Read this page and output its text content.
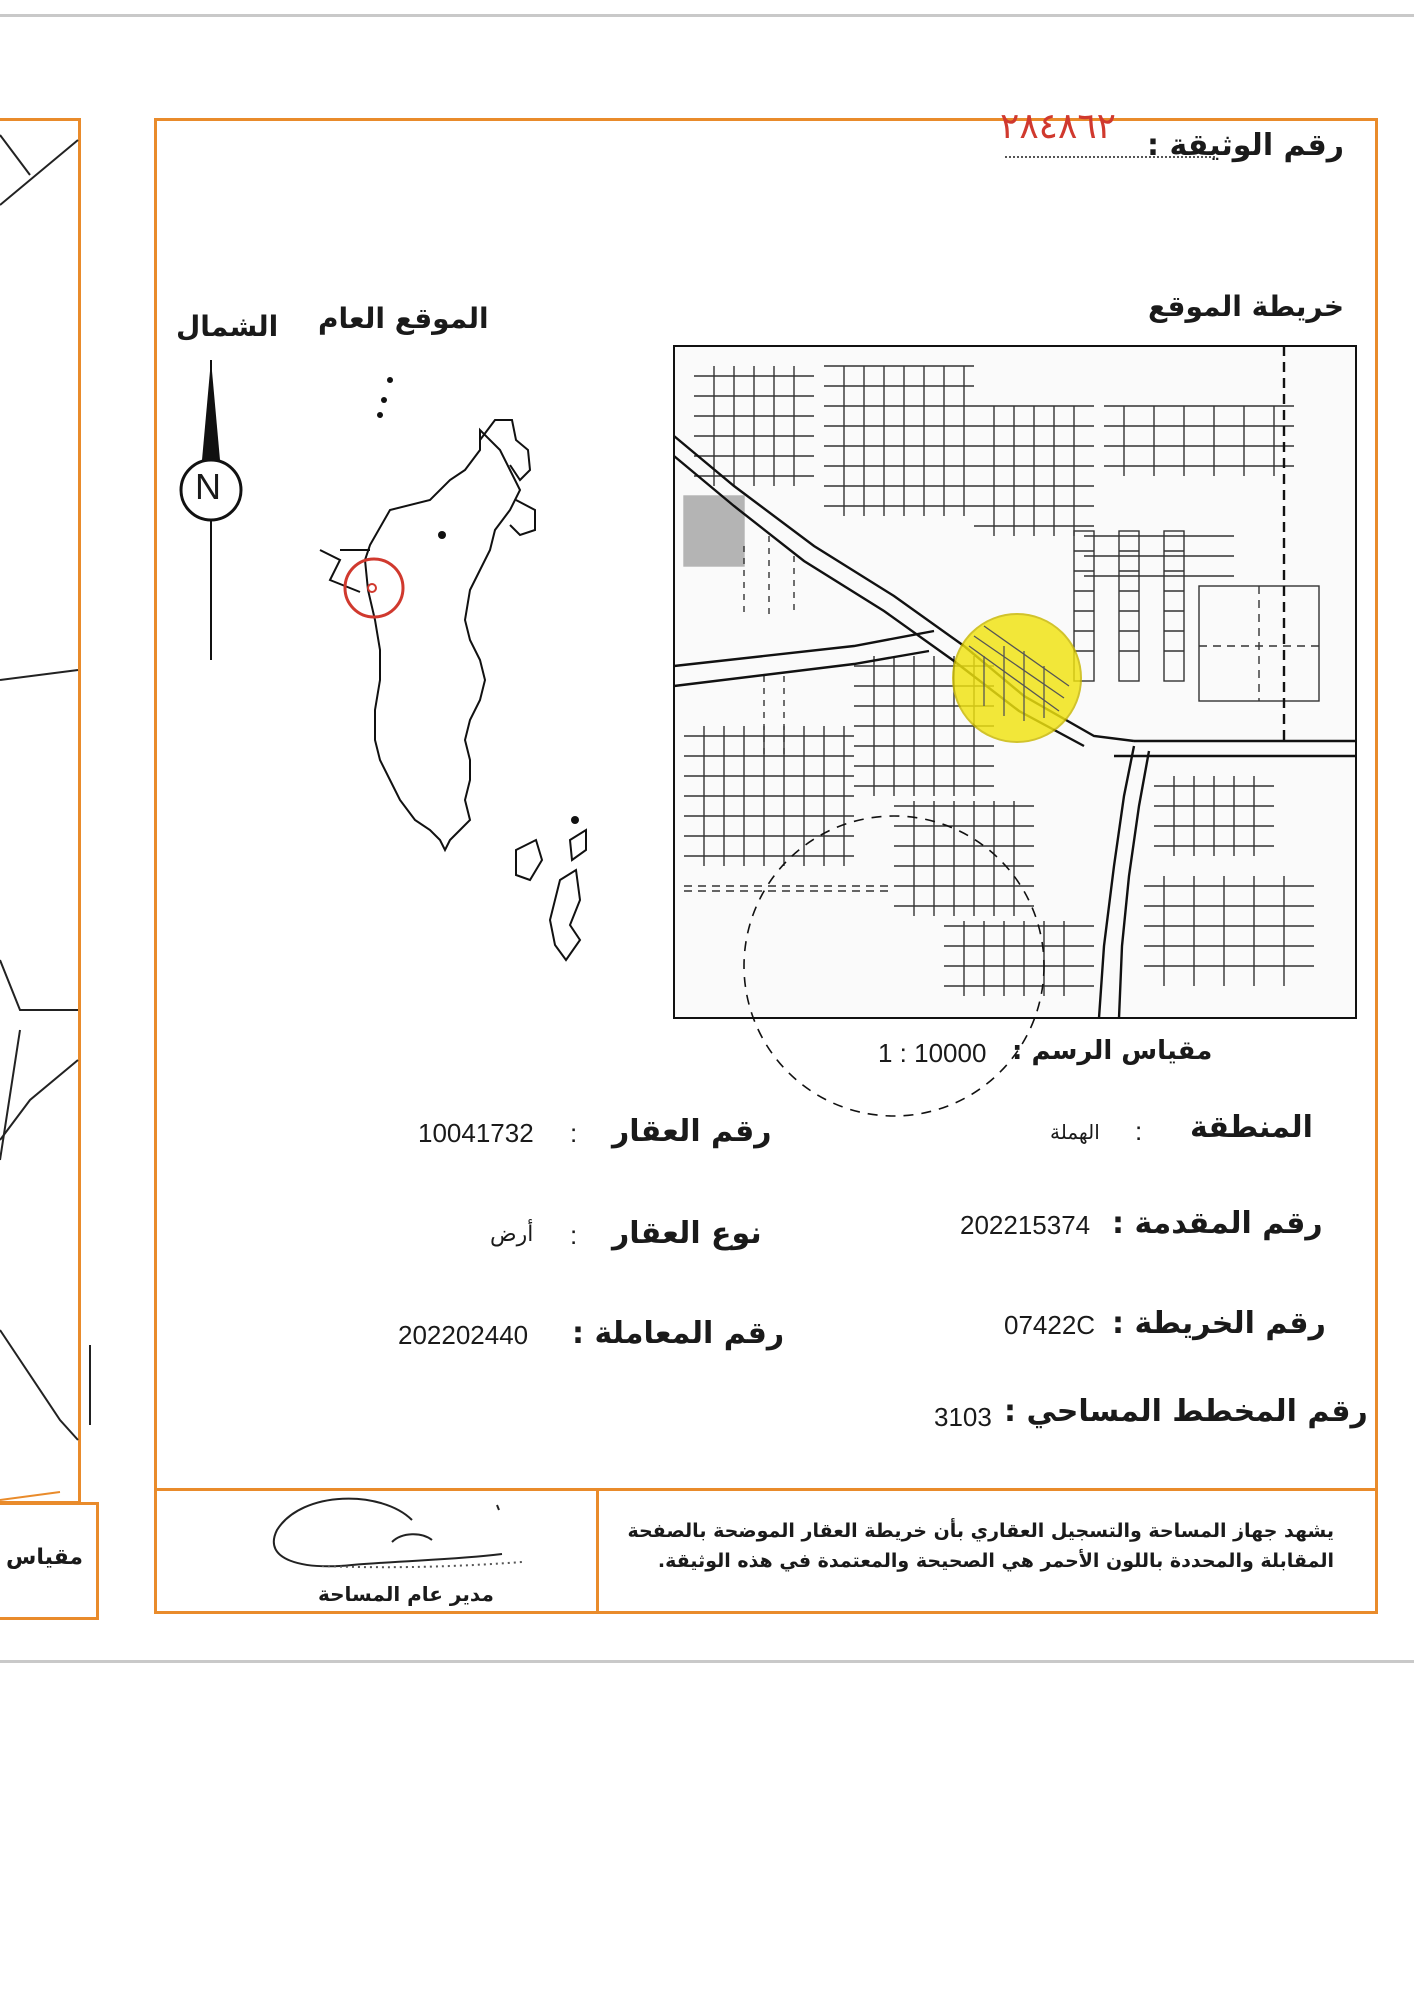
مقياس
رقم الوثيقة :
٢٨٤٨٦٢
خريطة الموقع
الموقع العام
الشمال
N
مقياس الرسم :
1 : 10000
المنطقة
:
الهملة
رقم العقار
:
10041732
رقم المقدمة :
202215374
نوع العقار
:
أرض
رقم الخريطة :
07422C
رقم المعاملة :
202202440
رقم المخطط المساحي :
3103
يشهد جهاز المساحة والتسجيل العقاري بأن خريطة العقار الموضحة بالصفحة
المقابلة والمحددة باللون الأحمر هي الصحيحة والمعتمدة في هذه الوثيقة.
مدير عام المساحة
